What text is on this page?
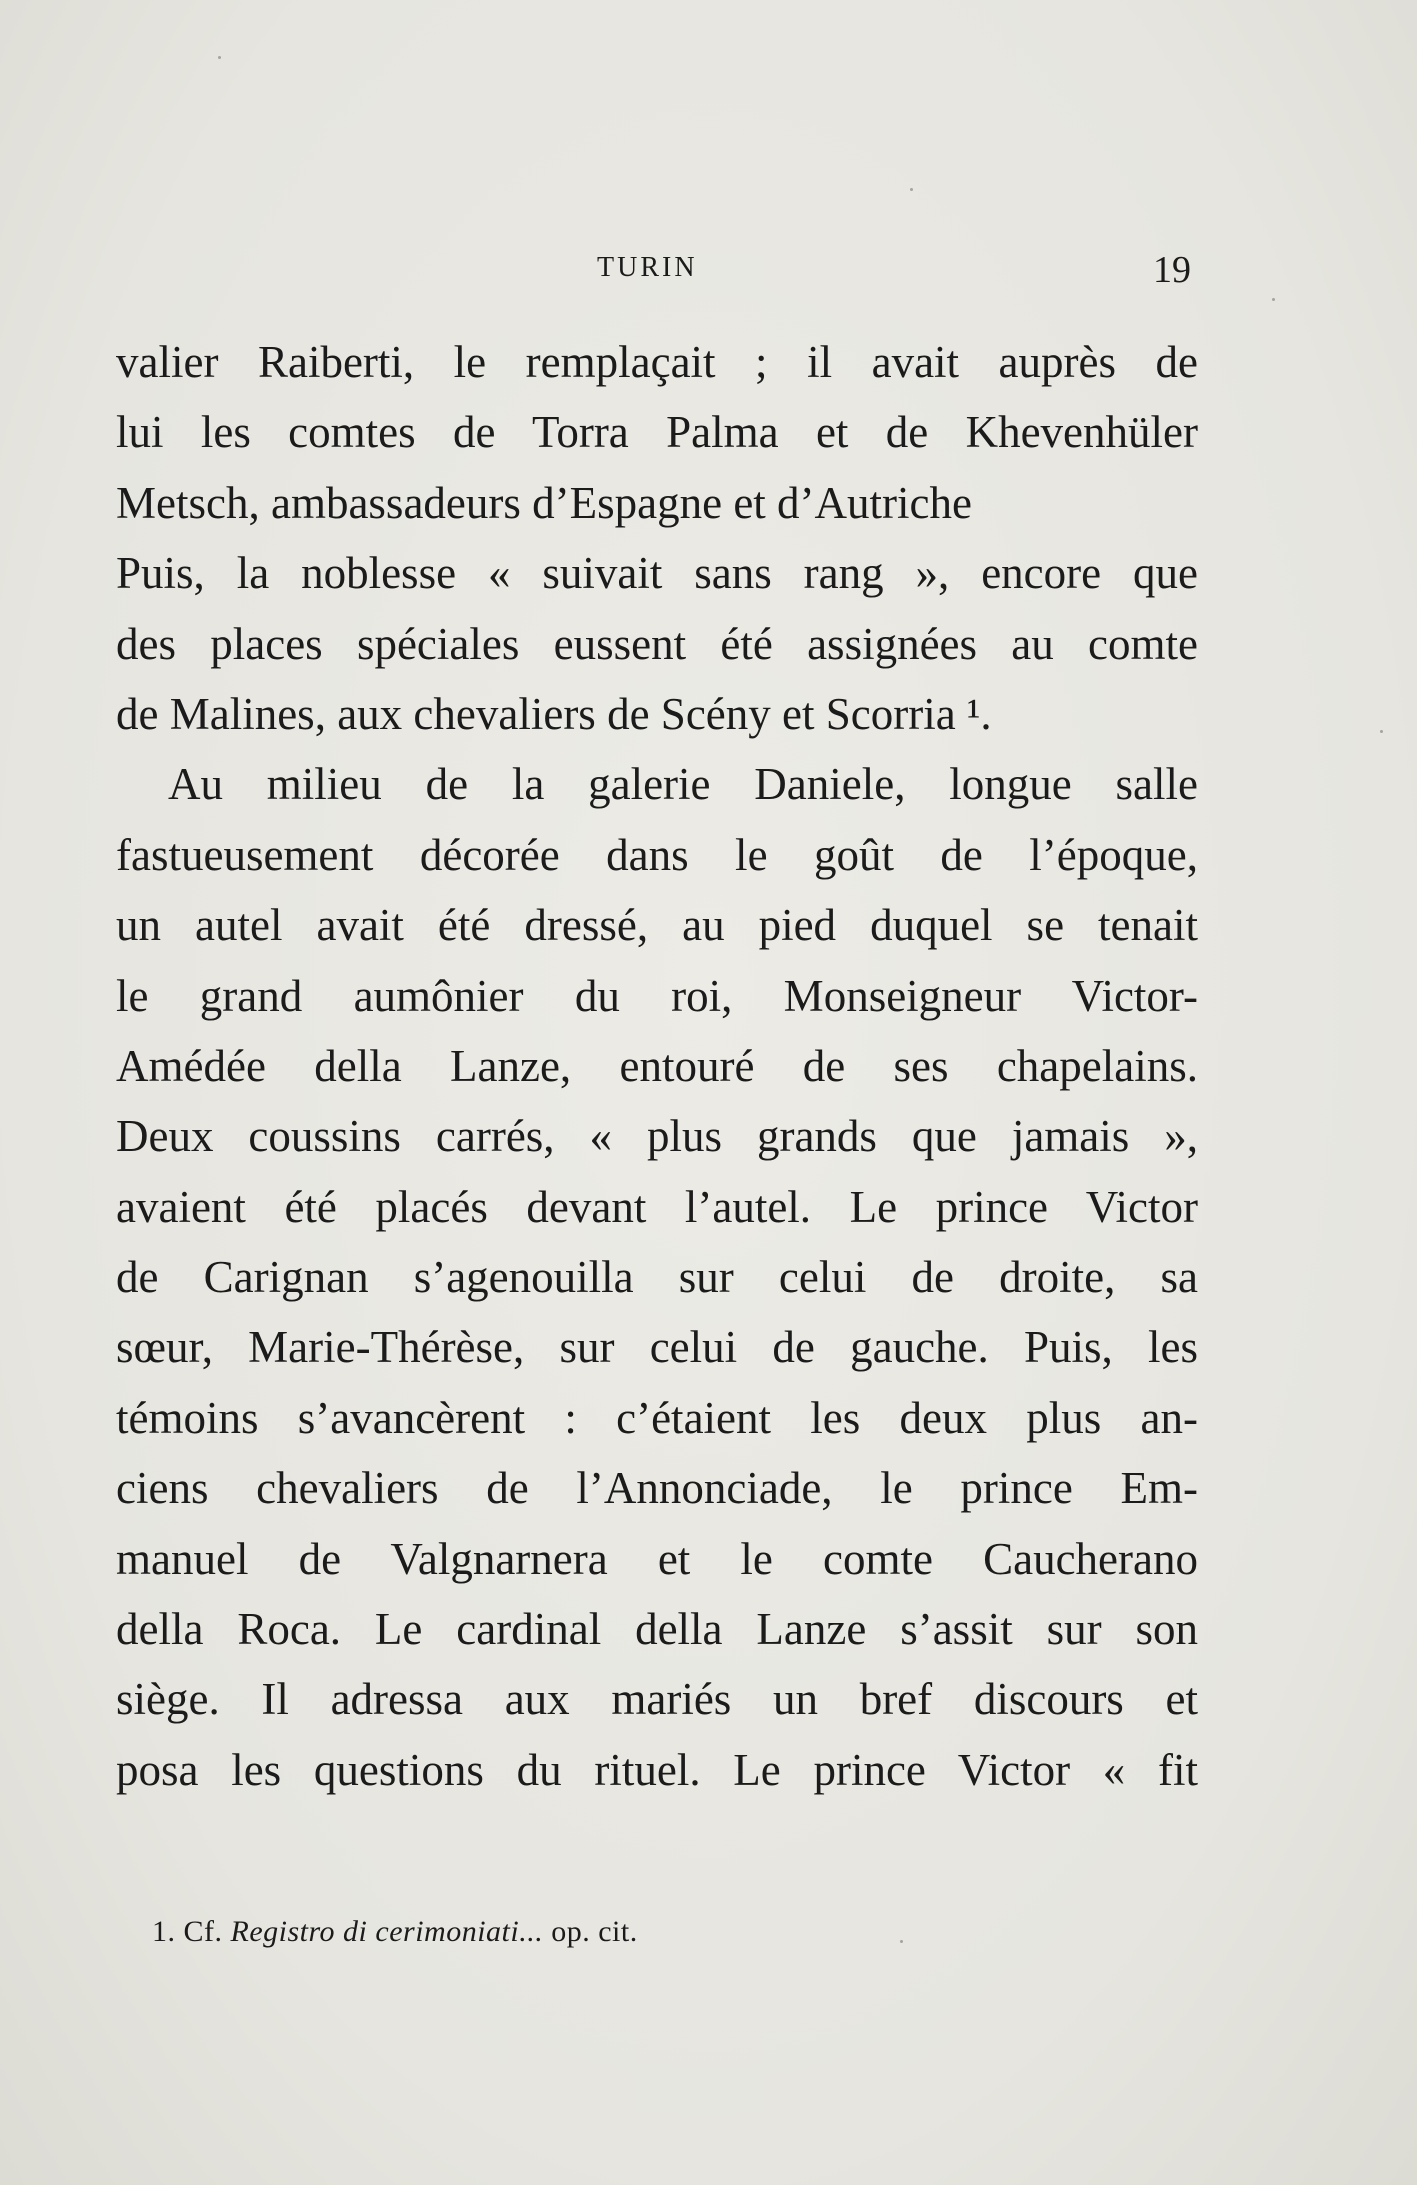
TURIN	19
valier Raiberti, le remplaçait ; il avait auprès de
lui les comtes de Torra Palma et de Khevenhüler
Metsch, ambassadeurs d’Espagne et d’Autriche
Puis, la noblesse « suivait sans rang », encore que
des places spéciales eussent été assignées au comte
de Malines, aux chevaliers de Scény et Scorria ¹.
Au milieu de la galerie Daniele, longue salle
fastueusement décorée dans le goût de l’époque,
un autel avait été dressé, au pied duquel se tenait
le grand aumônier du roi, Monseigneur Victor-
Amédée della Lanze, entouré de ses chapelains.
Deux coussins carrés, « plus grands que jamais »,
avaient été placés devant l’autel. Le prince Victor
de Carignan s’agenouilla sur celui de droite, sa
sœur, Marie-Thérèse, sur celui de gauche. Puis, les
témoins s’avancèrent : c’étaient les deux plus an-
ciens chevaliers de l’Annonciade, le prince Em-
manuel de Valgnarnera et le comte Caucherano
della Roca. Le cardinal della Lanze s’assit sur son
siège. Il adressa aux mariés un bref discours et
posa les questions du rituel. Le prince Victor « fit
1. Cf. Registro di cerimoniati... op. cit.
